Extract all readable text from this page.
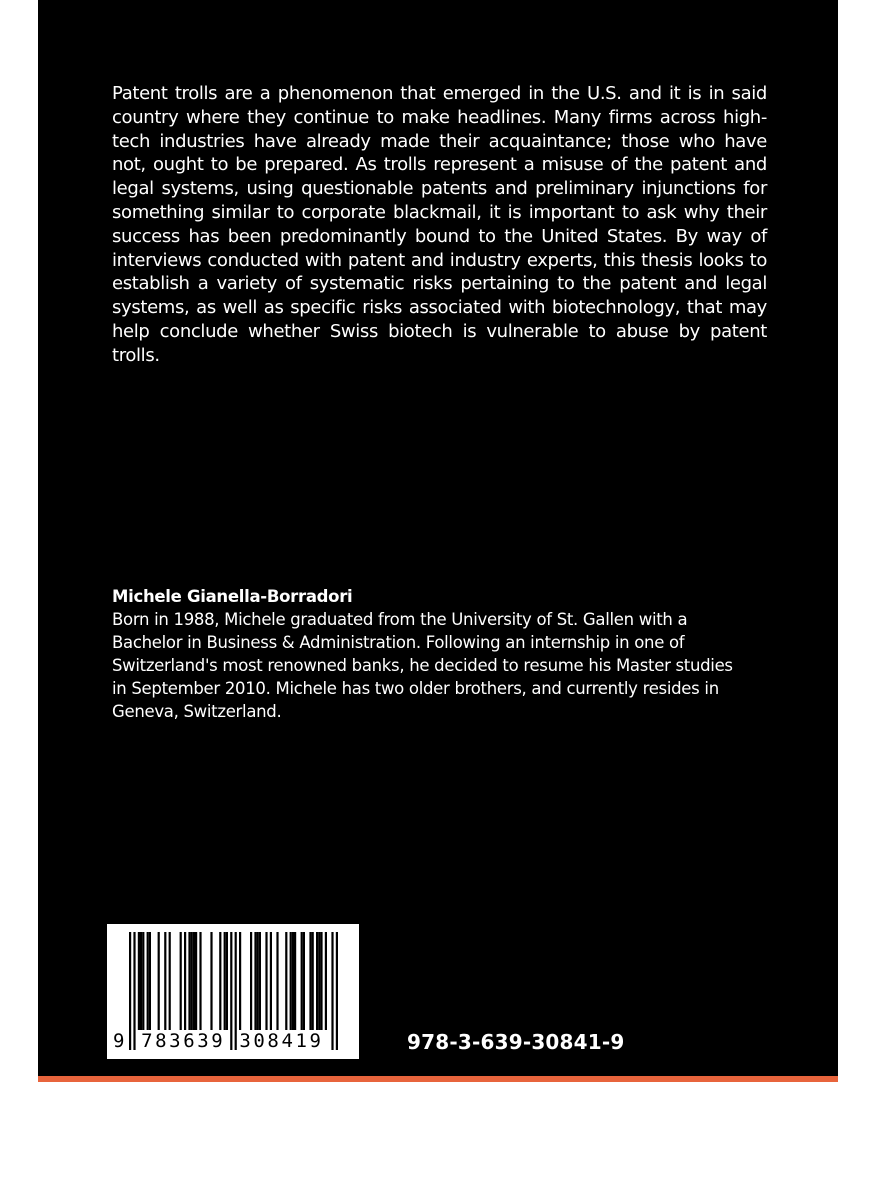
Patent trolls are a phenomenon that emerged in the U.S. and it is in said country where they continue to make headlines. Many firms across high-tech industries have already made their acquaintance; those who have not, ought to be prepared. As trolls represent a misuse of the patent and legal systems, using questionable patents and preliminary injunctions for something similar to corporate blackmail, it is important to ask why their success has been predominantly bound to the United States. By way of interviews conducted with patent and industry experts, this thesis looks to establish a variety of systematic risks pertaining to the patent and legal systems, as well as specific risks associated with biotechnology, that may help conclude whether Swiss biotech is vulnerable to abuse by patent trolls.

Michele Gianella-Borradori

Born in 1988, Michele graduated from the University of St. Gallen with a Bachelor in Business & Administration. Following an internship in one of Switzerland's most renowned banks, he decided to resume his Master studies in September 2010. Michele has two older brothers, and currently resides in Geneva, Switzerland.

9 783639 308419	978-3-639-30841-9
